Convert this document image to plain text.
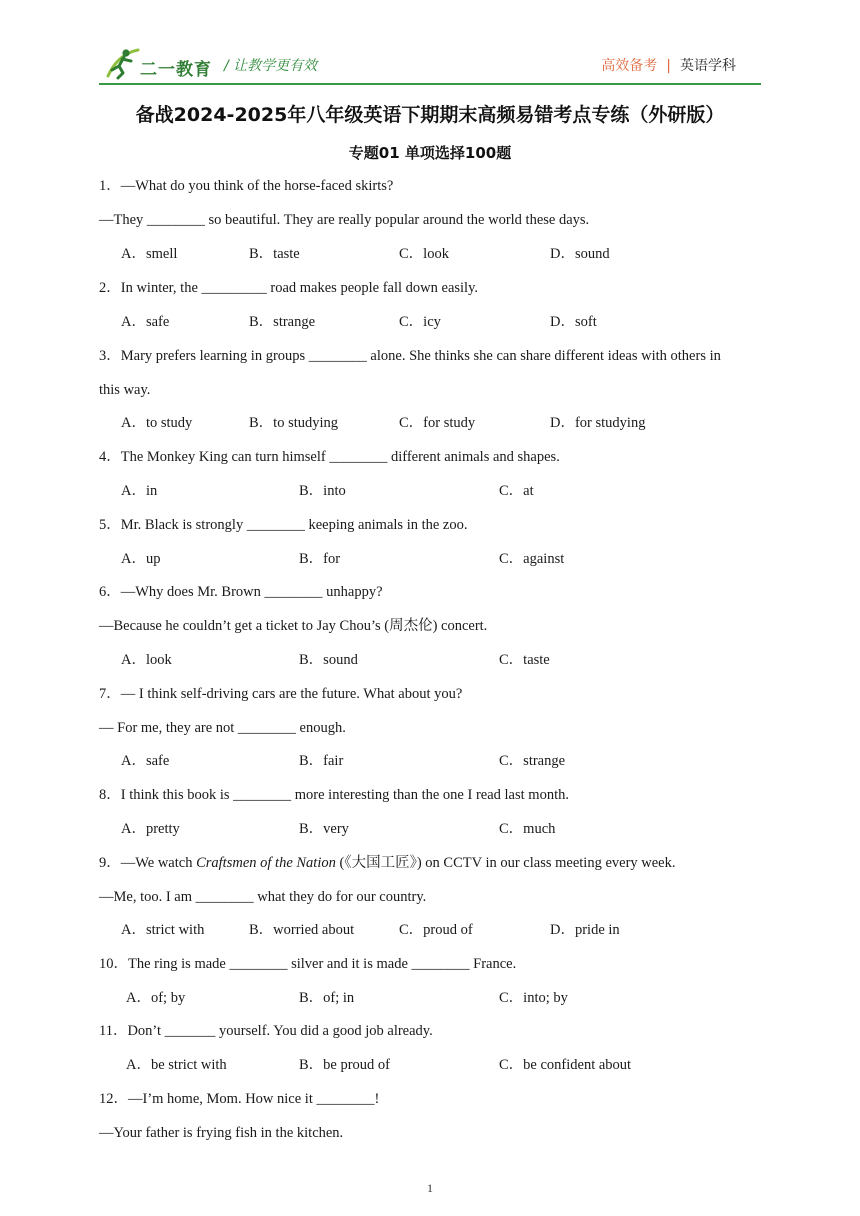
二一教育 / 让教学更有效	高效备考 | 英语学科
备战2024-2025年八年级英语下期期末高频易错考点专练（外研版）
专题01 单项选择100题
1．—What do you think of the horse-faced skirts?
—They ________ so beautiful. They are really popular around the world these days.
A．smell	B．taste	C．look	D．sound
2．In winter, the _________ road makes people fall down easily.
A．safe	B．strange	C．icy	D．soft
3．Mary prefers learning in groups ________ alone. She thinks she can share different ideas with others in
this way.
A．to study	B．to studying	C．for study	D．for studying
4．The Monkey King can turn himself ________ different animals and shapes.
A．in	B．into	C．at
5．Mr. Black is strongly ________ keeping animals in the zoo.
A．up	B．for	C．against
6．—Why does Mr. Brown ________ unhappy?
—Because he couldn’t get a ticket to Jay Chou’s (周杰伦) concert.
A．look	B．sound	C．taste
7．— I think self-driving cars are the future. What about you?
— For me, they are not ________ enough.
A．safe	B．fair	C．strange
8．I think this book is ________ more interesting than the one I read last month.
A．pretty	B．very	C．much
9．—We watch Craftsmen of the Nation (《大国工匠》) on CCTV in our class meeting every week.
—Me, too. I am ________ what they do for our country.
A．strict with	B．worried about	C．proud of	D．pride in
10．The ring is made ________ silver and it is made ________ France.
A．of; by	B．of; in	C．into; by
11．Don’t _______ yourself. You did a good job already.
A．be strict with	B．be proud of	C．be confident about
12．—I’m home, Mom. How nice it ________!
—Your father is frying fish in the kitchen.
1
